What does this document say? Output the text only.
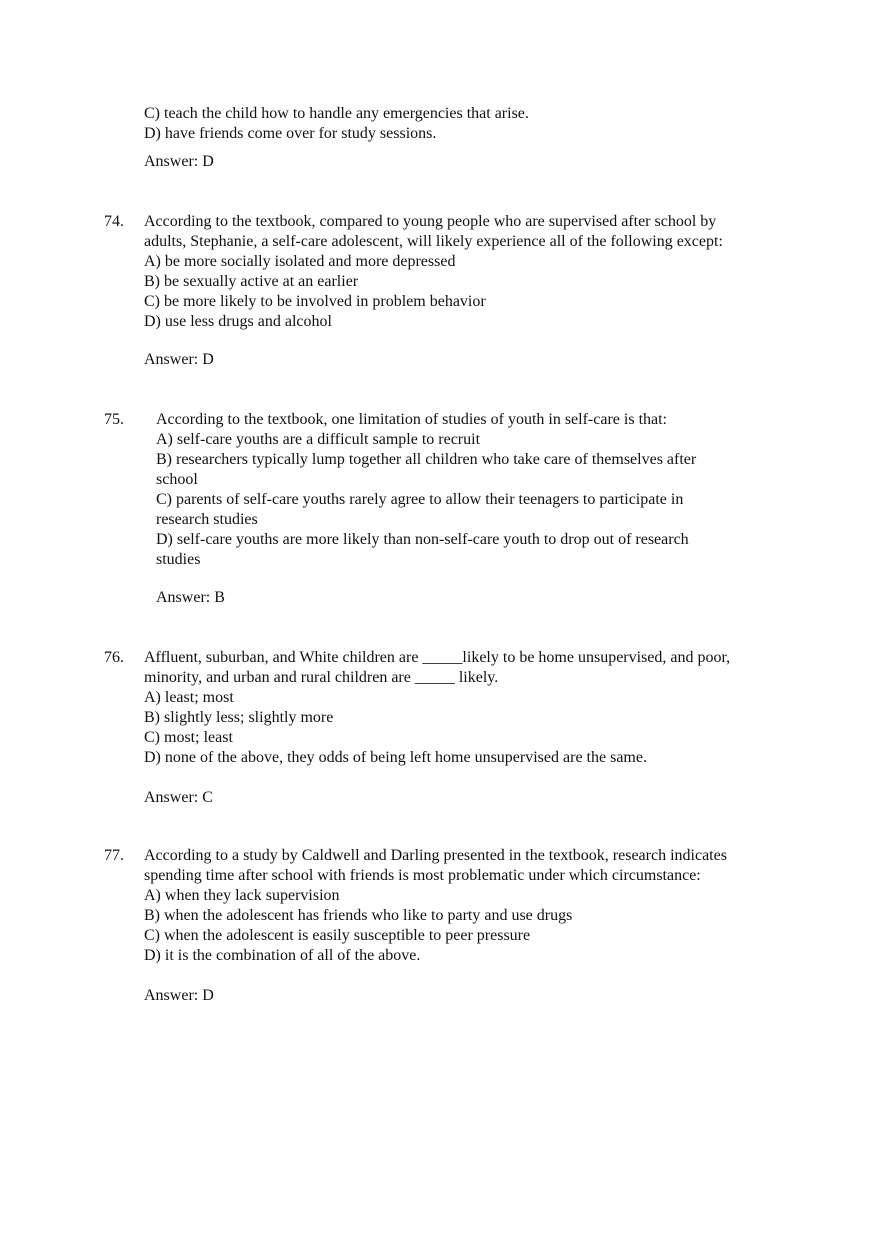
C) teach the child how to handle any emergencies that arise.
D) have friends come over for study sessions.
Answer: D
74. According to the textbook, compared to young people who are supervised after school by
adults, Stephanie, a self-care adolescent, will likely experience all of the following except:
A) be more socially isolated and more depressed
B) be sexually active at an earlier
C) be more likely to be involved in problem behavior
D) use less drugs and alcohol
Answer: D
75. According to the textbook, one limitation of studies of youth in self-care is that:
A) self-care youths are a difficult sample to recruit
B) researchers typically lump together all children who take care of themselves after
school
C) parents of self-care youths rarely agree to allow their teenagers to participate in
research studies
D) self-care youths are more likely than non-self-care youth to drop out of research
studies
Answer: B
76. Affluent, suburban, and White children are _____likely to be home unsupervised, and poor,
minority, and urban and rural children are _____ likely.
A) least; most
B) slightly less; slightly more
C) most; least
D) none of the above, they odds of being left home unsupervised are the same.
Answer: C
77. According to a study by Caldwell and Darling presented in the textbook, research indicates
spending time after school with friends is most problematic under which circumstance:
A) when they lack supervision
B) when the adolescent has friends who like to party and use drugs
C) when the adolescent is easily susceptible to peer pressure
D) it is the combination of all of the above.
Answer: D
